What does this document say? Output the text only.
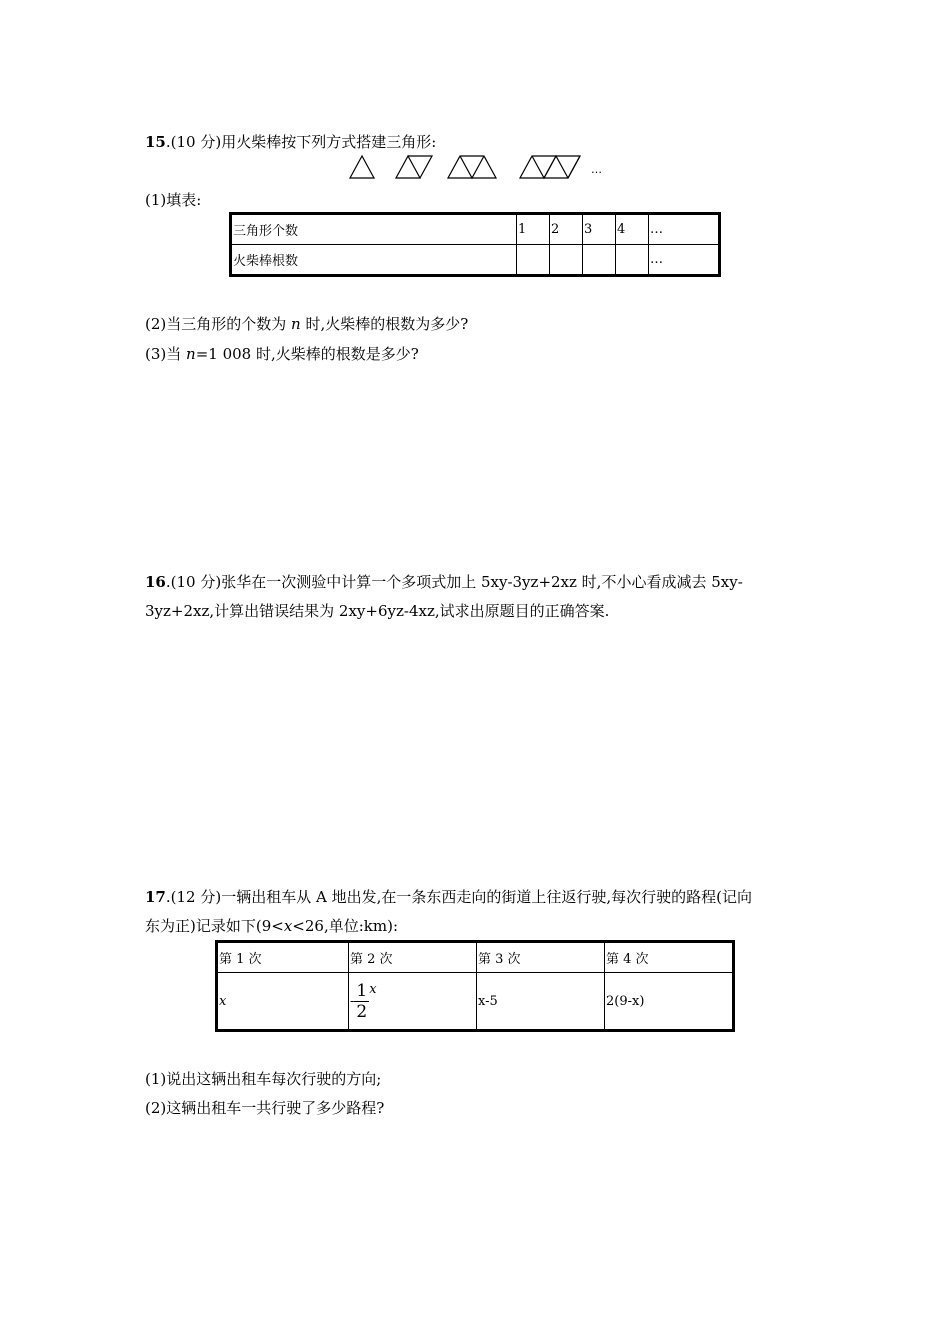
15.(10 分)用火柴棒按下列方式搭建三角形:
…
(1)填表:
三角形个数	1	2	3	4	…
火柴棒根数					…
(2)当三角形的个数为 n 时,火柴棒的根数为多少?
(3)当 n=1 008 时,火柴棒的根数是多少?
16.(10 分)张华在一次测验中计算一个多项式加上 5xy-3yz+2xz 时,不小心看成减去 5xy-
3yz+2xz,计算出错误结果为 2xy+6yz-4xz,试求出原题目的正确答案.
17.(12 分)一辆出租车从 A 地出发,在一条东西走向的街道上往返行驶,每次行驶的路程(记向
东为正)记录如下(9<x<26,单位:km):
第 1 次	第 2 次	第 3 次	第 4 次
x	- $\frac{1}{2}$ x	x-5	2(9-x)
(1)说出这辆出租车每次行驶的方向;
(2)这辆出租车一共行驶了多少路程?
